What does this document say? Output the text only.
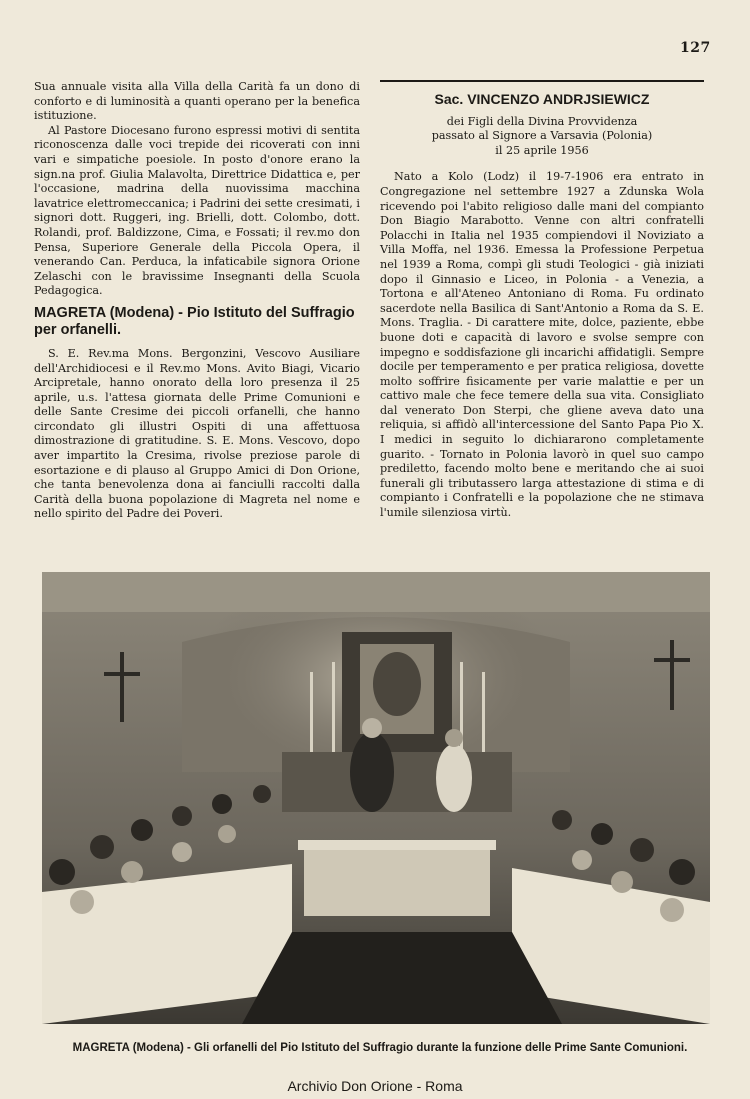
127

Sua annuale visita alla Villa della Carità fa un dono di conforto e di luminosità a quanti operano per la benefica istituzione.

Al Pastore Diocesano furono espressi motivi di sentita riconoscenza dalle voci trepide dei ricoverati con inni vari e simpatiche poesiole. In posto d'onore erano la sign.na prof. Giulia Malavolta, Direttrice Didattica e, per l'occasione, madrina della nuovissima macchina lavatrice elettromeccanica; i Padrini dei sette cresimati, i signori dott. Ruggeri, ing. Brielli, dott. Colombo, dott. Rolandi, prof. Baldizzone, Cima, e Fossati; il rev.mo don Pensa, Superiore Generale della Piccola Opera, il venerando Can. Perduca, la infaticabile signora Orione Zelaschi con le bravissime Insegnanti della Scuola Pedagogica.

MAGRETA (Modena) - Pio Istituto del Suffragio per orfanelli.

S. E. Rev.ma Mons. Bergonzini, Vescovo Ausiliare dell'Archidiocesi e il Rev.mo Mons. Avito Biagi, Vicario Arcipretale, hanno onorato della loro presenza il 25 aprile, u.s. l'attesa giornata delle Prime Comunioni e delle Sante Cresime dei piccoli orfanelli, che hanno circondato gli illustri Ospiti di una affettuosa dimostrazione di gratitudine. S. E. Mons. Vescovo, dopo aver impartito la Cresima, rivolse preziose parole di esortazione e di plauso al Gruppo Amici di Don Orione, che tanta benevolenza dona ai fanciulli raccolti dalla Carità della buona popolazione di Magreta nel nome e nello spirito del Padre dei Poveri.

Sac. VINCENZO ANDRJSIEWICZ
dei Figli della Divina Provvidenza
passato al Signore a Varsavia (Polonia)
il 25 aprile 1956

Nato a Kolo (Lodz) il 19-7-1906 era entrato in Congregazione nel settembre 1927 a Zdunska Wola ricevendo poi l'abito religioso dalle mani del compianto Don Biagio Marabotto. Venne con altri confratelli Polacchi in Italia nel 1935 compiendovi il Noviziato a Villa Moffa, nel 1936. Emessa la Professione Perpetua nel 1939 a Roma, compì gli studi Teologici - già iniziati dopo il Ginnasio e Liceo, in Polonia - a Venezia, a Tortona e all'Ateneo Antoniano di Roma. Fu ordinato sacerdote nella Basilica di Sant'Antonio a Roma da S. E. Mons. Traglia. - Di carattere mite, dolce, paziente, ebbe buone doti e capacità di lavoro e svolse sempre con impegno e soddisfazione gli incarichi affidatigli. Sempre docile per temperamento e per pratica religiosa, dovette molto soffrire fisicamente per varie malattie e per un cattivo male che fece temere della sua vita. Consigliato dal venerato Don Sterpi, che gliene aveva dato una reliquia, si affidò all'intercessione del Santo Papa Pio X. I medici in seguito lo dichiararono completamente guarito. - Tornato in Polonia lavorò in quel suo campo prediletto, facendo molto bene e meritando che ai suoi funerali gli tributassero larga attestazione di stima e di compianto i Confratelli e la popolazione che ne stimava l'umile silenziosa virtù.

MAGRETA (Modena) - Gli orfanelli del Pio Istituto del Suffragio durante la funzione delle Prime Sante Comunioni.
Archivio Don Orione - Roma
